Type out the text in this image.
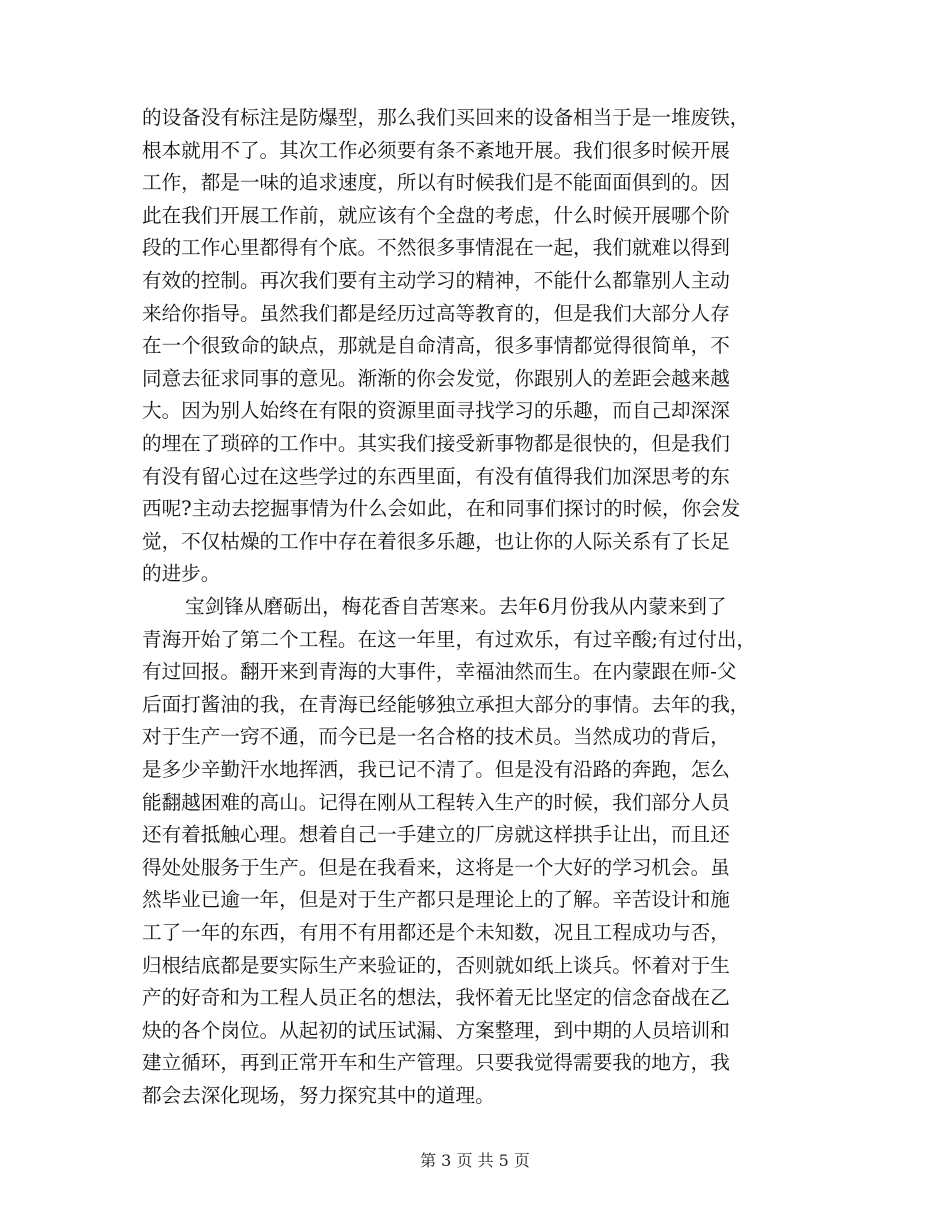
的设备没有标注是防爆型，那么我们买回来的设备相当于是一堆废铁，
根本就用不了。其次工作必须要有条不紊地开展。我们很多时候开展
工作，都是一味的追求速度，所以有时候我们是不能面面俱到的。因
此在我们开展工作前，就应该有个全盘的考虑，什么时候开展哪个阶
段的工作心里都得有个底。不然很多事情混在一起，我们就难以得到
有效的控制。再次我们要有主动学习的精神，不能什么都靠别人主动
来给你指导。虽然我们都是经历过高等教育的，但是我们大部分人存
在一个很致命的缺点，那就是自命清高，很多事情都觉得很简单，不
同意去征求同事的意见。渐渐的你会发觉，你跟别人的差距会越来越
大。因为别人始终在有限的资源里面寻找学习的乐趣，而自己却深深
的埋在了琐碎的工作中。其实我们接受新事物都是很快的，但是我们
有没有留心过在这些学过的东西里面，有没有值得我们加深思考的东
西呢?主动去挖掘事情为什么会如此，在和同事们探讨的时候，你会发
觉，不仅枯燥的工作中存在着很多乐趣，也让你的人际关系有了长足
的进步。
宝剑锋从磨砺出，梅花香自苦寒来。去年6月份我从内蒙来到了
青海开始了第二个工程。在这一年里，有过欢乐，有过辛酸;有过付出，
有过回报。翻开来到青海的大事件，幸福油然而生。在内蒙跟在师-父
后面打酱油的我，在青海已经能够独立承担大部分的事情。去年的我，
对于生产一窍不通，而今已是一名合格的技术员。当然成功的背后，
是多少辛勤汗水地挥洒，我已记不清了。但是没有沿路的奔跑，怎么
能翻越困难的高山。记得在刚从工程转入生产的时候，我们部分人员
还有着抵触心理。想着自己一手建立的厂房就这样拱手让出，而且还
得处处服务于生产。但是在我看来，这将是一个大好的学习机会。虽
然毕业已逾一年，但是对于生产都只是理论上的了解。辛苦设计和施
工了一年的东西，有用不有用都还是个未知数，况且工程成功与否，
归根结底都是要实际生产来验证的，否则就如纸上谈兵。怀着对于生
产的好奇和为工程人员正名的想法，我怀着无比坚定的信念奋战在乙
炔的各个岗位。从起初的试压试漏、方案整理，到中期的人员培训和
建立循环，再到正常开车和生产管理。只要我觉得需要我的地方，我
都会去深化现场，努力探究其中的道理。
第 3 页 共 5 页
